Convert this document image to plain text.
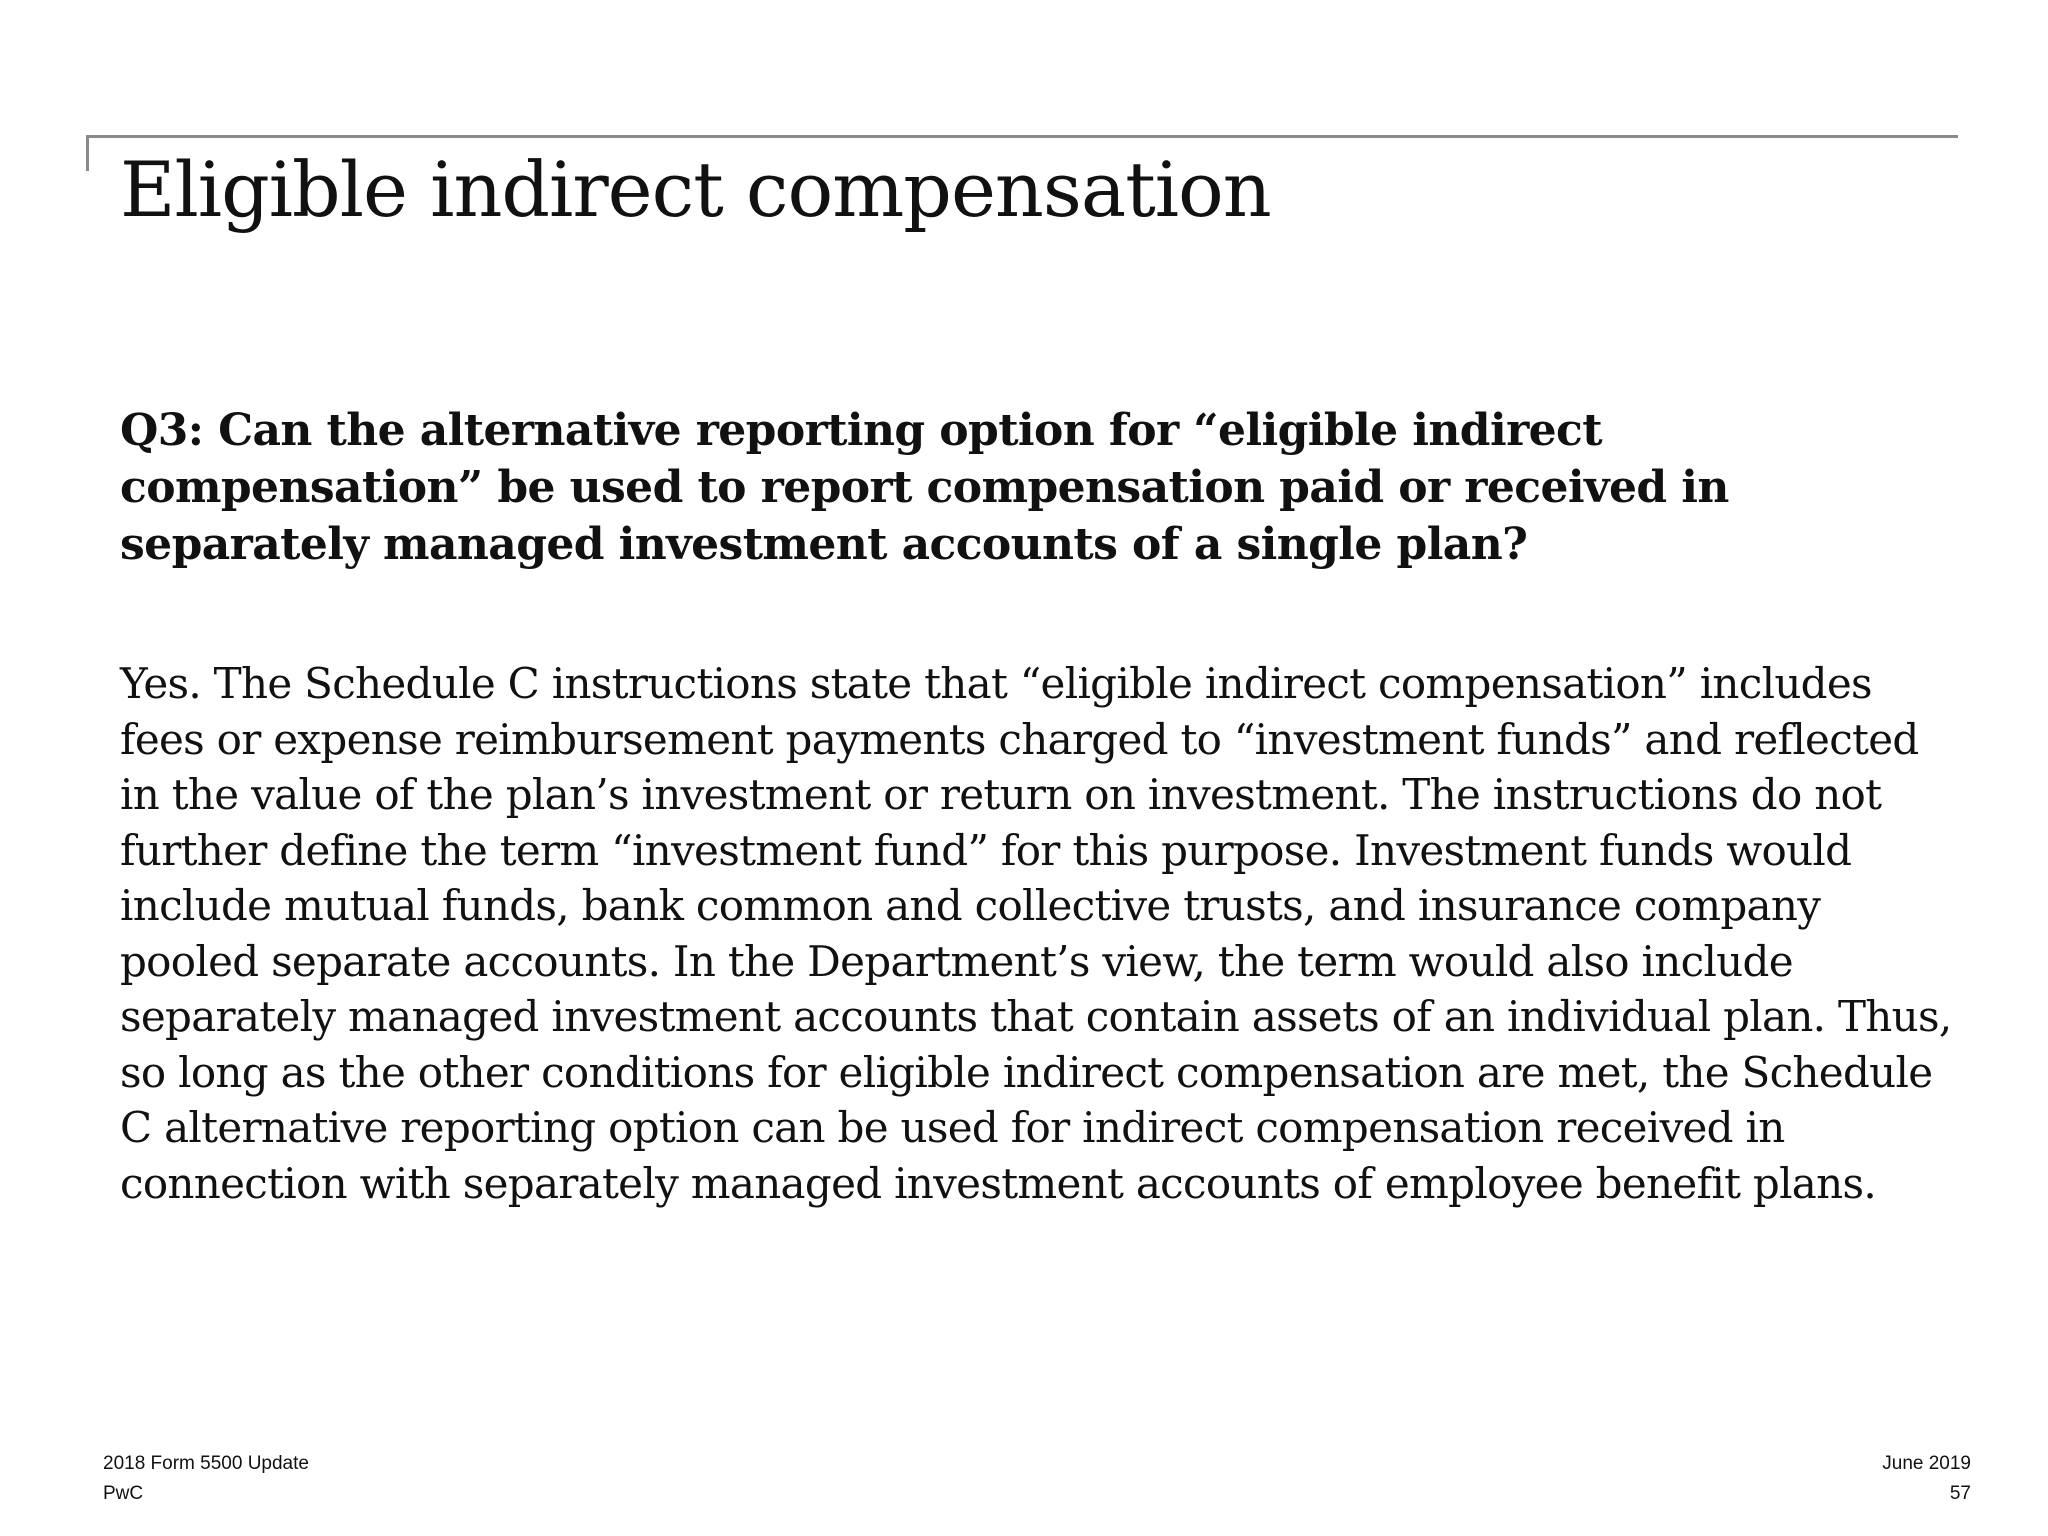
Eligible indirect compensation

Q3: Can the alternative reporting option for “eligible indirect compensation” be used to report compensation paid or received in separately managed investment accounts of a single plan?

Yes. The Schedule C instructions state that “eligible indirect compensation” includes fees or expense reimbursement payments charged to “investment funds” and reflected in the value of the plan’s investment or return on investment. The instructions do not further define the term “investment fund” for this purpose. Investment funds would include mutual funds, bank common and collective trusts, and insurance company pooled separate accounts. In the Department’s view, the term would also include separately managed investment accounts that contain assets of an individual plan. Thus, so long as the other conditions for eligible indirect compensation are met, the Schedule C alternative reporting option can be used for indirect compensation received in connection with separately managed investment accounts of employee benefit plans.

2018 Form 5500 Update
PwC
June 2019
57
